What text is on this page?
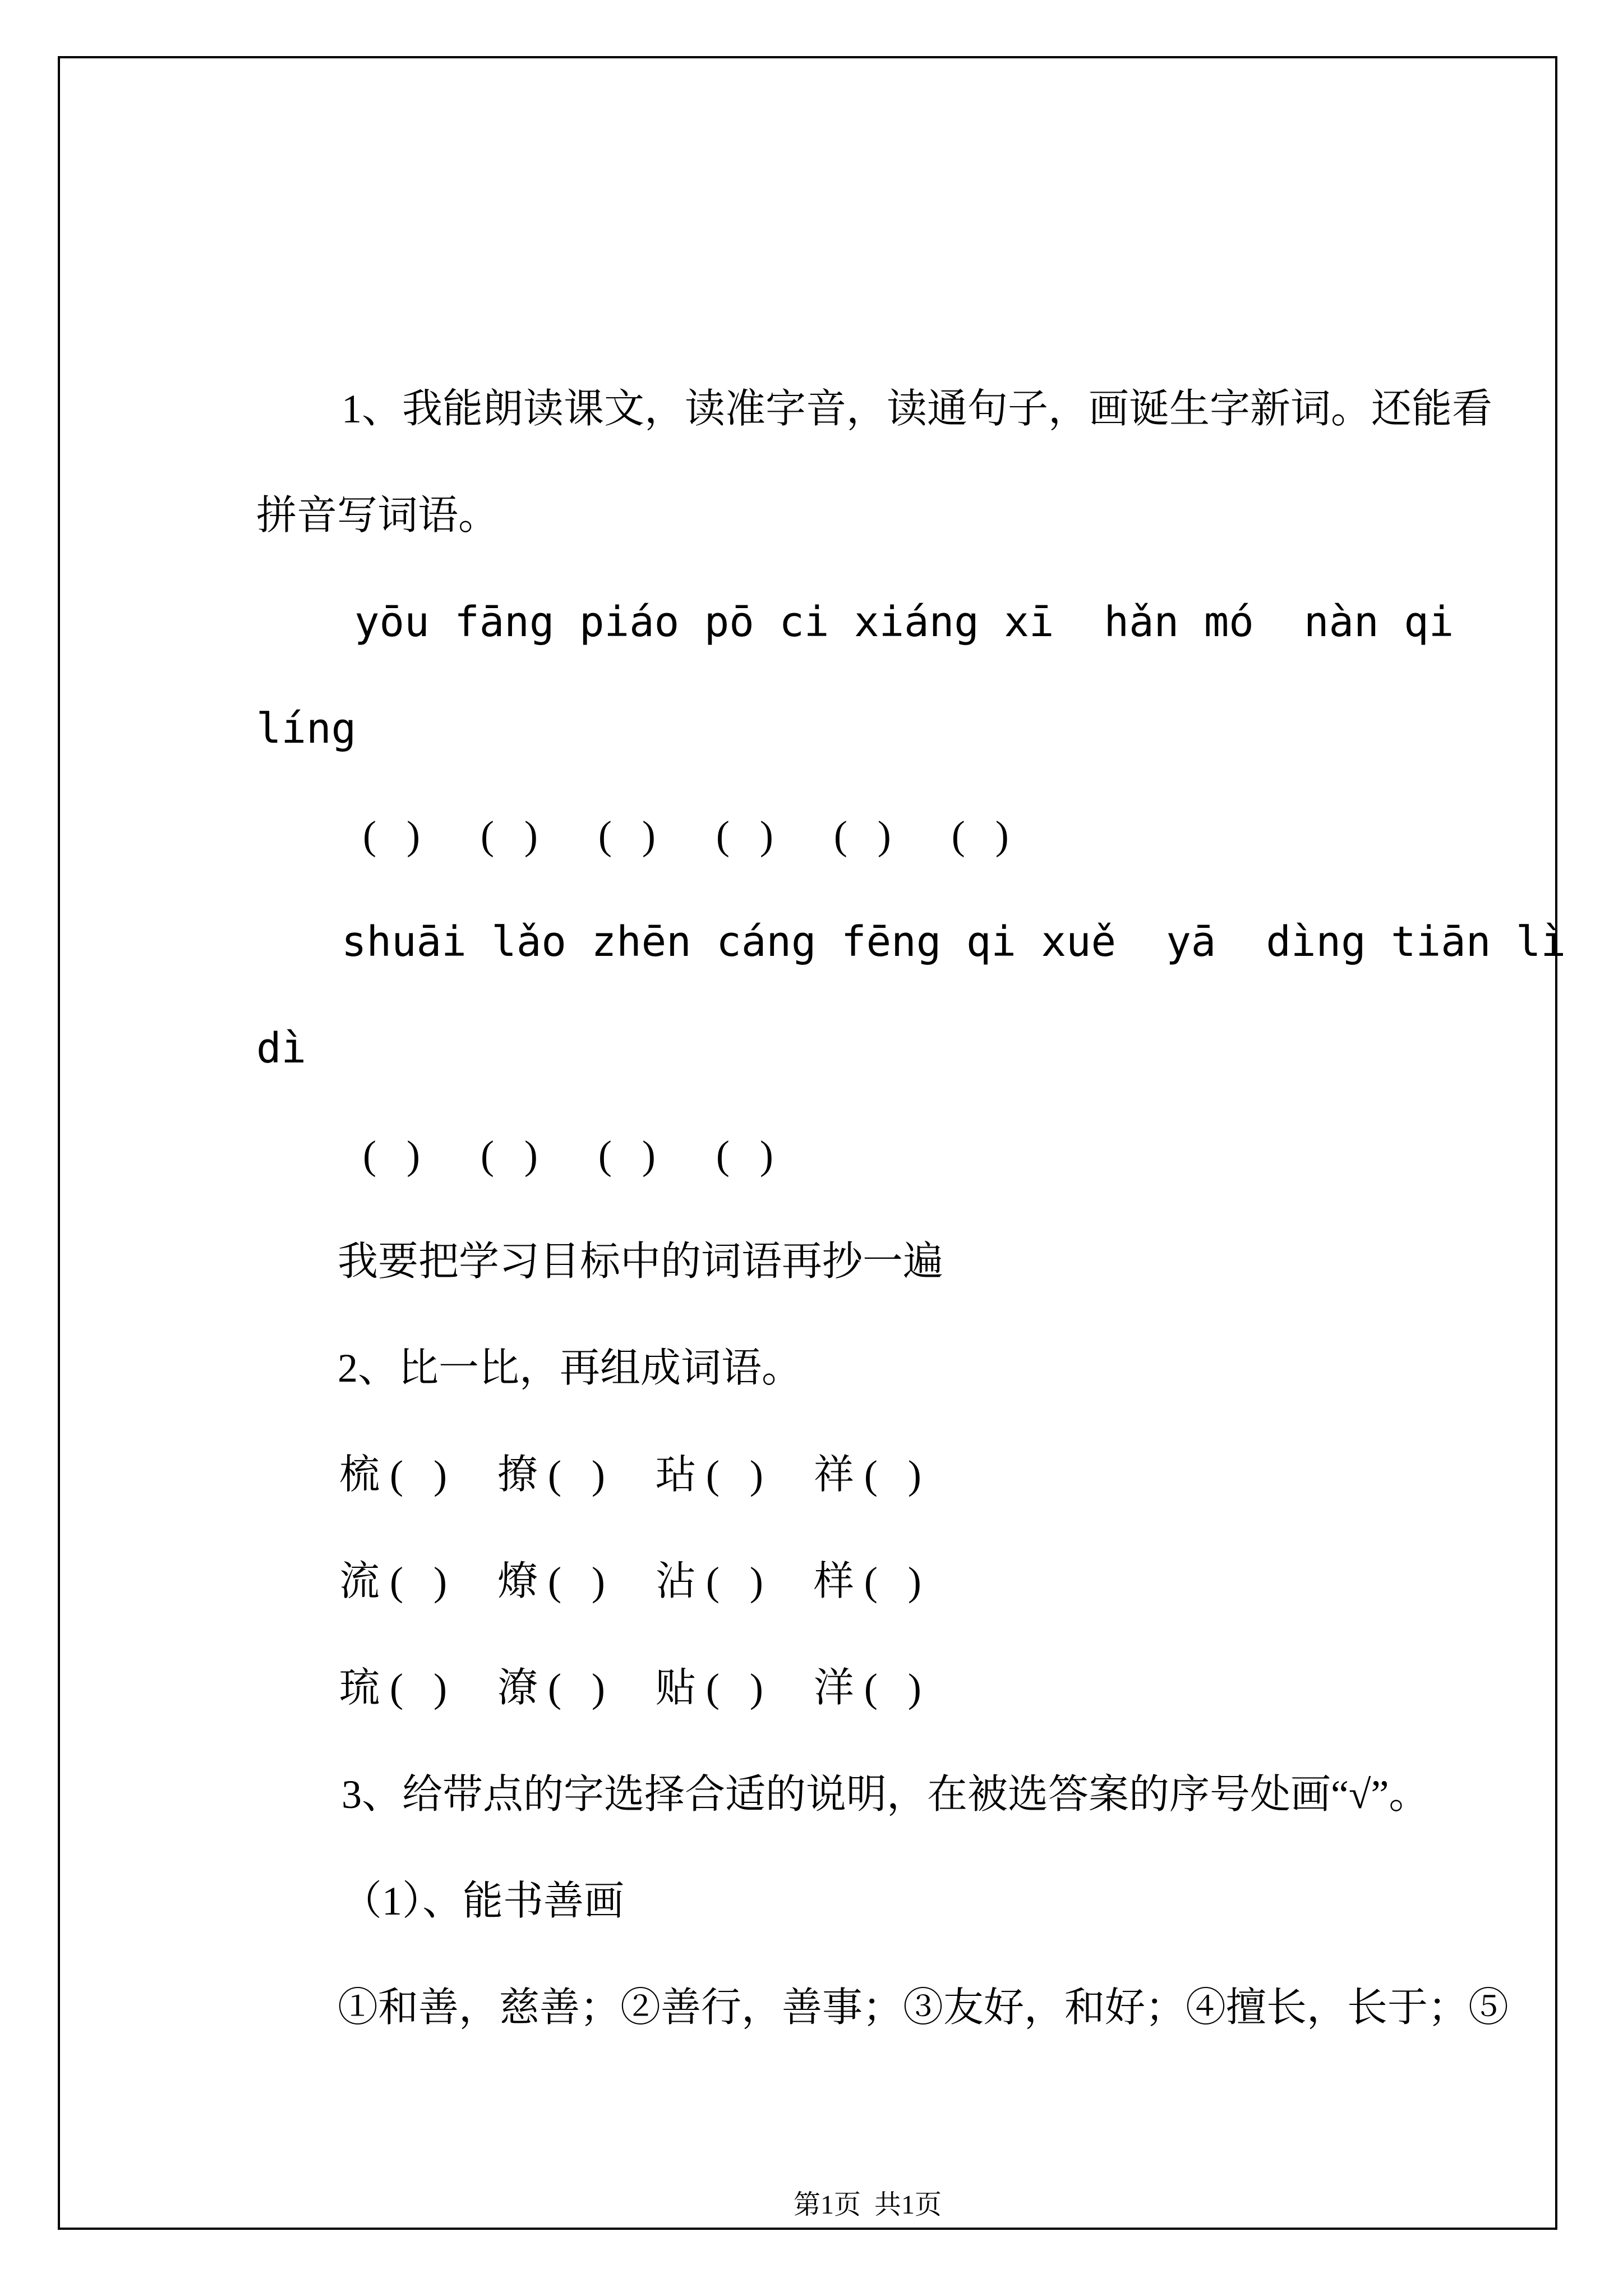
1、我能朗读课文，读准字音，读通句子，画诞生字新词。还能看
拼音写词语。
yōu fāng piáo pō ci xiáng xī  hǎn mó  nàn qi
líng
(   )      (   )      (   )      (   )      (   )      (   )
shuāi lǎo zhēn cáng fēng qi xuě  yā  dìng tiān lì
dì
(   )      (   )      (   )      (   )
我要把学习目标中的词语再抄一遍
2、比一比，再组成词语。
梳 (   )     撩 (   )     玷 (   )     祥 (   )
流 (   )     燎 (   )     沾 (   )     样 (   )
琉 (   )     潦 (   )     贴 (   )     洋 (   )
3、给带点的字选择合适的说明，在被选答案的序号处画“√”。
（1）、能书善画
①和善，慈善；②善行，善事；③友好，和好；④擅长，长于；⑤
第1页  共1页
